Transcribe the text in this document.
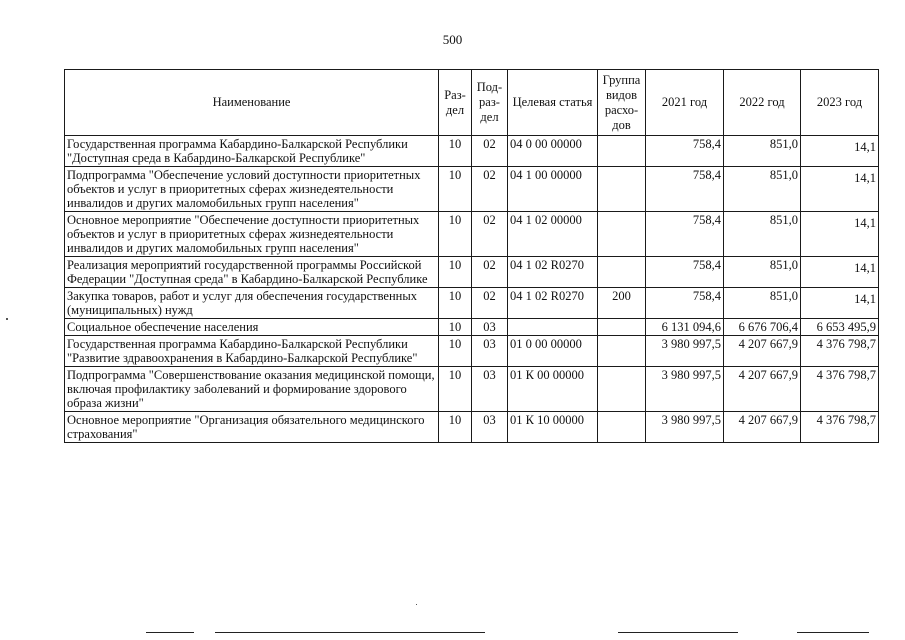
500
Наименование	Раз-дел	Под-раз-дел	Целевая статья	Группа видов расхо-дов	2021 год	2022 год	2023 год
Государственная программа Кабардино-Балкарской Республики "Доступная среда в Кабардино-Балкарской Республике"	10	02	04 0 00 00000		758,4	851,0	14,1
Подпрограмма "Обеспечение условий доступности приоритетных объектов и услуг в приоритетных сферах жизнедеятельности инвалидов и других маломобильных групп населения"	10	02	04 1 00 00000		758,4	851,0	14,1
Основное мероприятие "Обеспечение доступности приоритетных объектов и услуг в приоритетных сферах жизнедеятельности инвалидов и других маломобильных групп населения"	10	02	04 1 02 00000		758,4	851,0	14,1
Реализация мероприятий государственной программы Российской Федерации "Доступная среда" в Кабардино-Балкарской Республике	10	02	04 1 02 R0270		758,4	851,0	14,1
Закупка товаров, работ и услуг для обеспечения государственных (муниципальных) нужд	10	02	04 1 02 R0270	200	758,4	851,0	14,1
Социальное обеспечение населения	10	03			6 131 094,6	6 676 706,4	6 653 495,9
Государственная программа Кабардино-Балкарской Республики "Развитие здравоохранения в Кабардино-Балкарской Республике"	10	03	01 0 00 00000		3 980 997,5	4 207 667,9	4 376 798,7
Подпрограмма "Совершенствование оказания медицинской помощи, включая профилактику заболеваний и формирование здорового образа жизни"	10	03	01 К 00 00000		3 980 997,5	4 207 667,9	4 376 798,7
Основное мероприятие "Организация обязательного медицинского страхования"	10	03	01 К 10 00000		3 980 997,5	4 207 667,9	4 376 798,7
